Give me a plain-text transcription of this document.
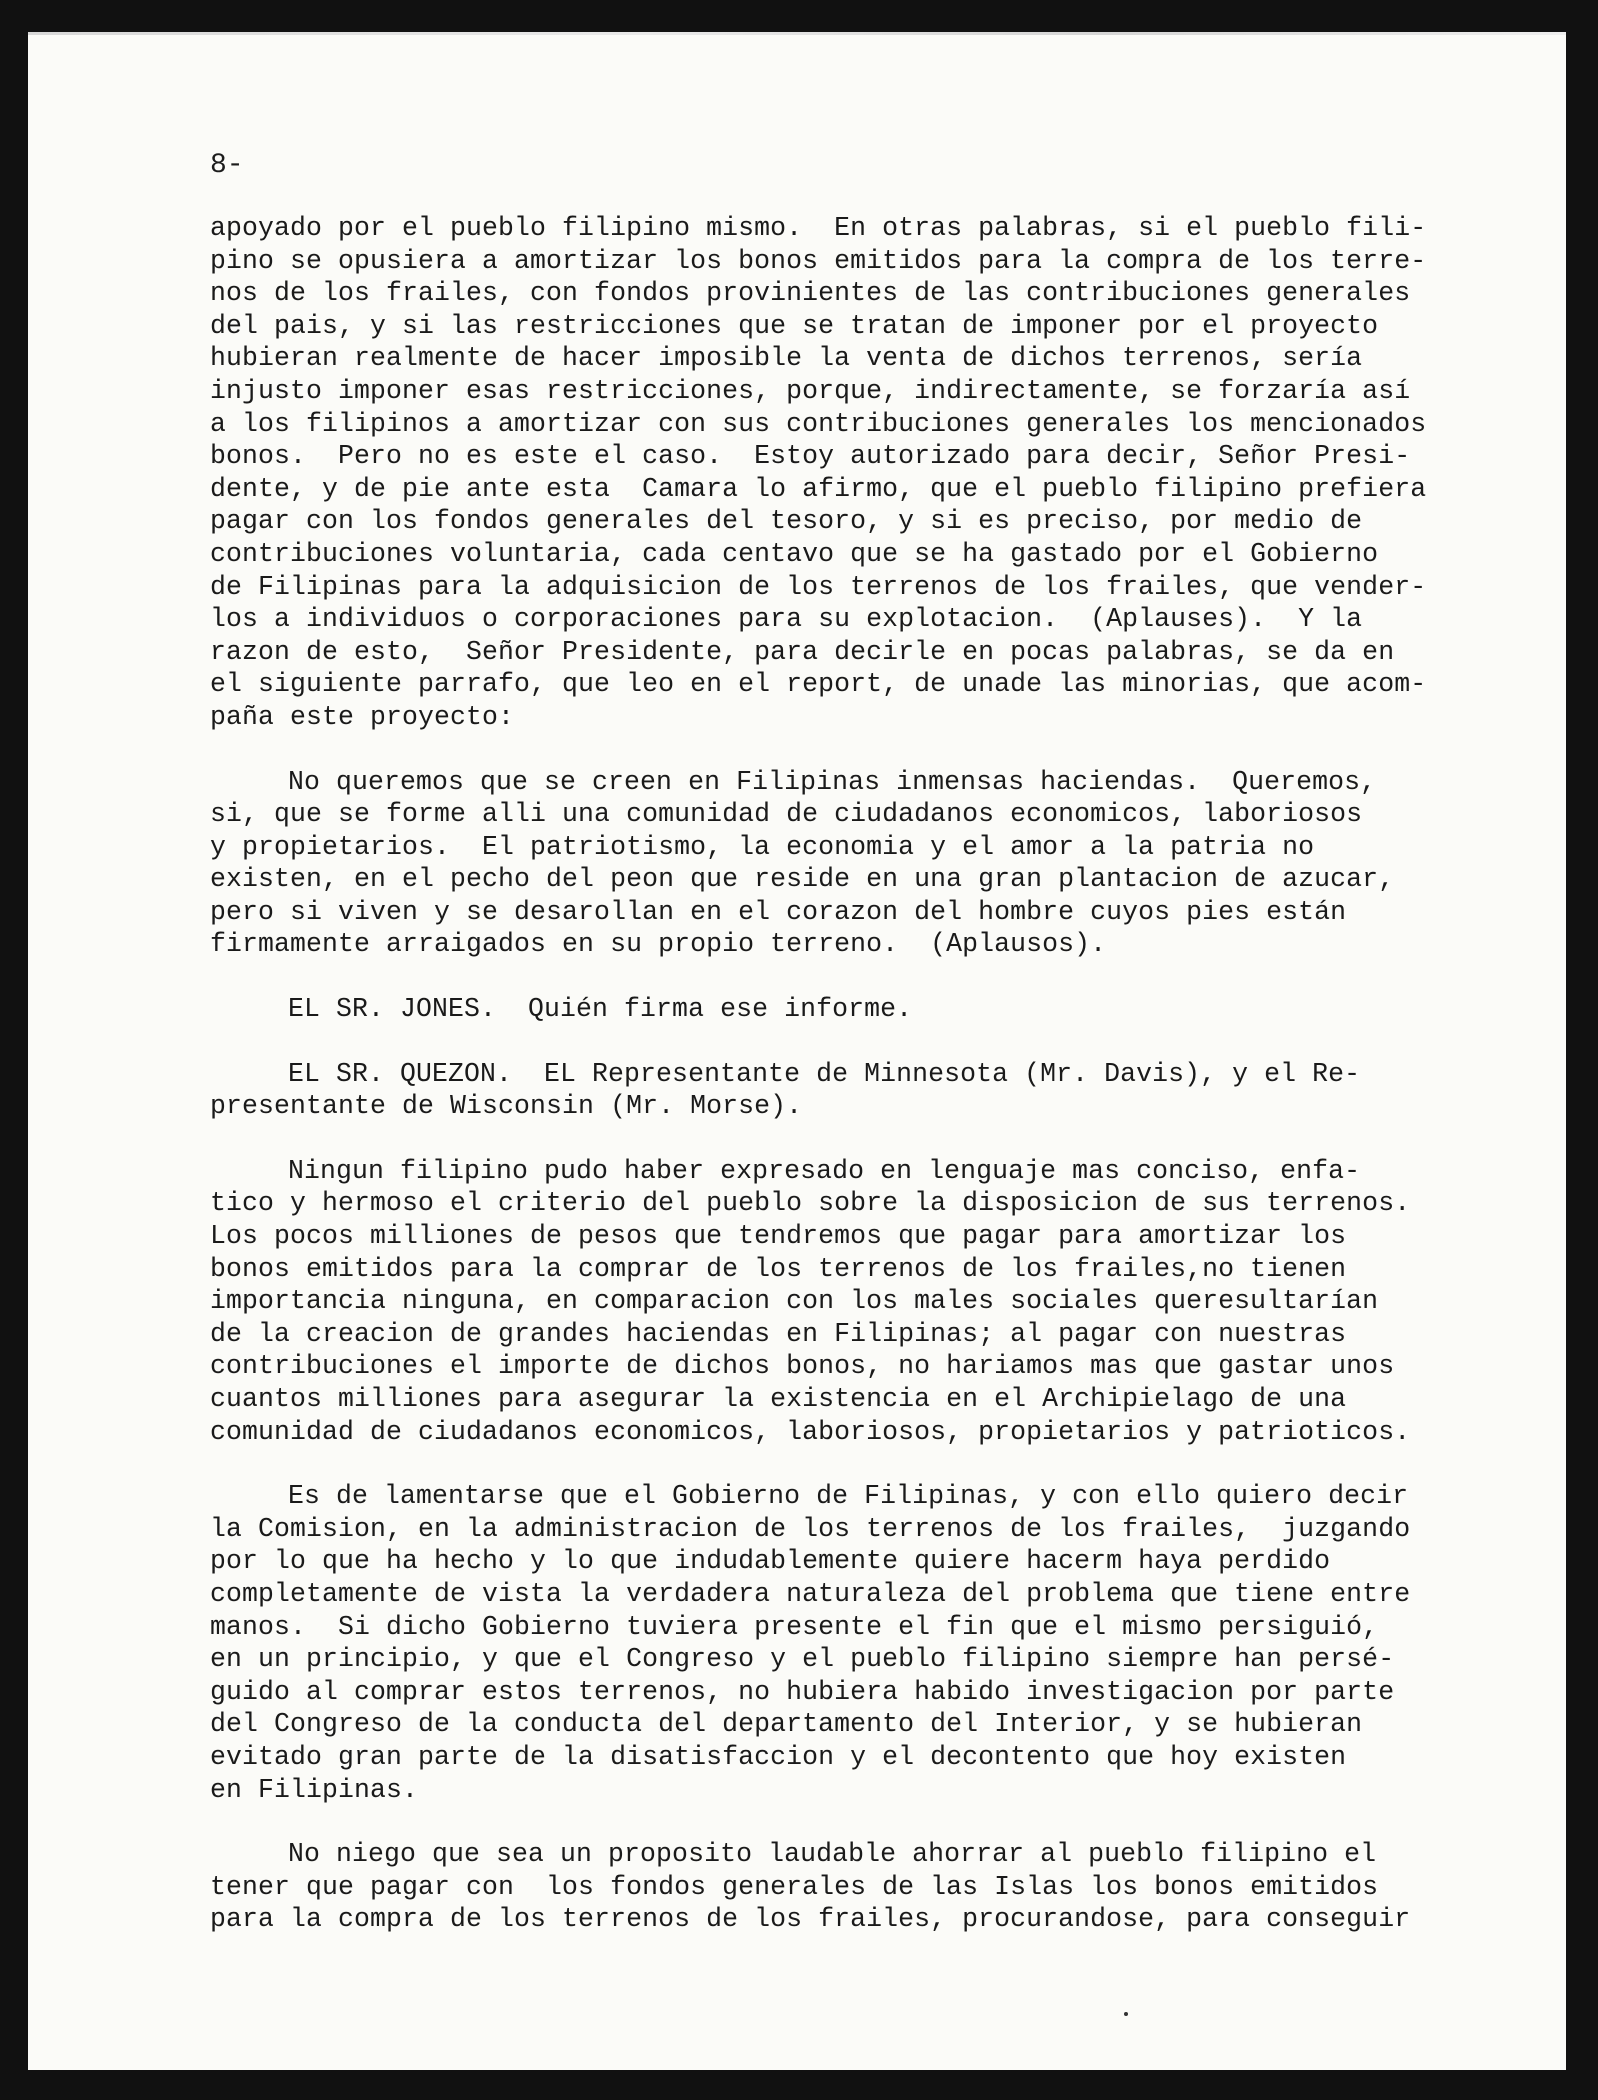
8-
apoyado por el pueblo filipino mismo.  En otras palabras, si el pueblo fili-
pino se opusiera a amortizar los bonos emitidos para la compra de los terre-
nos de los frailes, con fondos provinientes de las contribuciones generales
del pais, y si las restricciones que se tratan de imponer por el proyecto
hubieran realmente de hacer imposible la venta de dichos terrenos, sería
injusto imponer esas restricciones, porque, indirectamente, se forzaría así
a los filipinos a amortizar con sus contribuciones generales los mencionados
bonos.  Pero no es este el caso.  Estoy autorizado para decir, Señor Presi-
dente, y de pie ante esta  Camara lo afirmo, que el pueblo filipino prefiera
pagar con los fondos generales del tesoro, y si es preciso, por medio de
contribuciones voluntaria, cada centavo que se ha gastado por el Gobierno
de Filipinas para la adquisicion de los terrenos de los frailes, que vender-
los a individuos o corporaciones para su explotacion.  (Aplauses).  Y la
razon de esto,  Señor Presidente, para decirle en pocas palabras, se da en
el siguiente parrafo, que leo en el report, de unade las minorias, que acom-
paña este proyecto:
No queremos que se creen en Filipinas inmensas haciendas.  Queremos,
si, que se forme alli una comunidad de ciudadanos economicos, laboriosos
y propietarios.  El patriotismo, la economia y el amor a la patria no
existen, en el pecho del peon que reside en una gran plantacion de azucar,
pero si viven y se desarollan en el corazon del hombre cuyos pies están
firmamente arraigados en su propio terreno.  (Aplausos).
EL SR. JONES.  Quién firma ese informe.
EL SR. QUEZON.  EL Representante de Minnesota (Mr. Davis), y el Re-
presentante de Wisconsin (Mr. Morse).
Ningun filipino pudo haber expresado en lenguaje mas conciso, enfa-
tico y hermoso el criterio del pueblo sobre la disposicion de sus terrenos.
Los pocos milliones de pesos que tendremos que pagar para amortizar los
bonos emitidos para la comprar de los terrenos de los frailes,no tienen
importancia ninguna, en comparacion con los males sociales queresultarían
de la creacion de grandes haciendas en Filipinas; al pagar con nuestras
contribuciones el importe de dichos bonos, no hariamos mas que gastar unos
cuantos milliones para asegurar la existencia en el Archipielago de una
comunidad de ciudadanos economicos, laboriosos, propietarios y patrioticos.
Es de lamentarse que el Gobierno de Filipinas, y con ello quiero decir
la Comision, en la administracion de los terrenos de los frailes,  juzgando
por lo que ha hecho y lo que indudablemente quiere hacerm haya perdido
completamente de vista la verdadera naturaleza del problema que tiene entre
manos.  Si dicho Gobierno tuviera presente el fin que el mismo persiguió,
en un principio, y que el Congreso y el pueblo filipino siempre han persé-
guido al comprar estos terrenos, no hubiera habido investigacion por parte
del Congreso de la conducta del departamento del Interior, y se hubieran
evitado gran parte de la disatisfaccion y el decontento que hoy existen
en Filipinas.
No niego que sea un proposito laudable ahorrar al pueblo filipino el
tener que pagar con  los fondos generales de las Islas los bonos emitidos
para la compra de los terrenos de los frailes, procurandose, para conseguir
